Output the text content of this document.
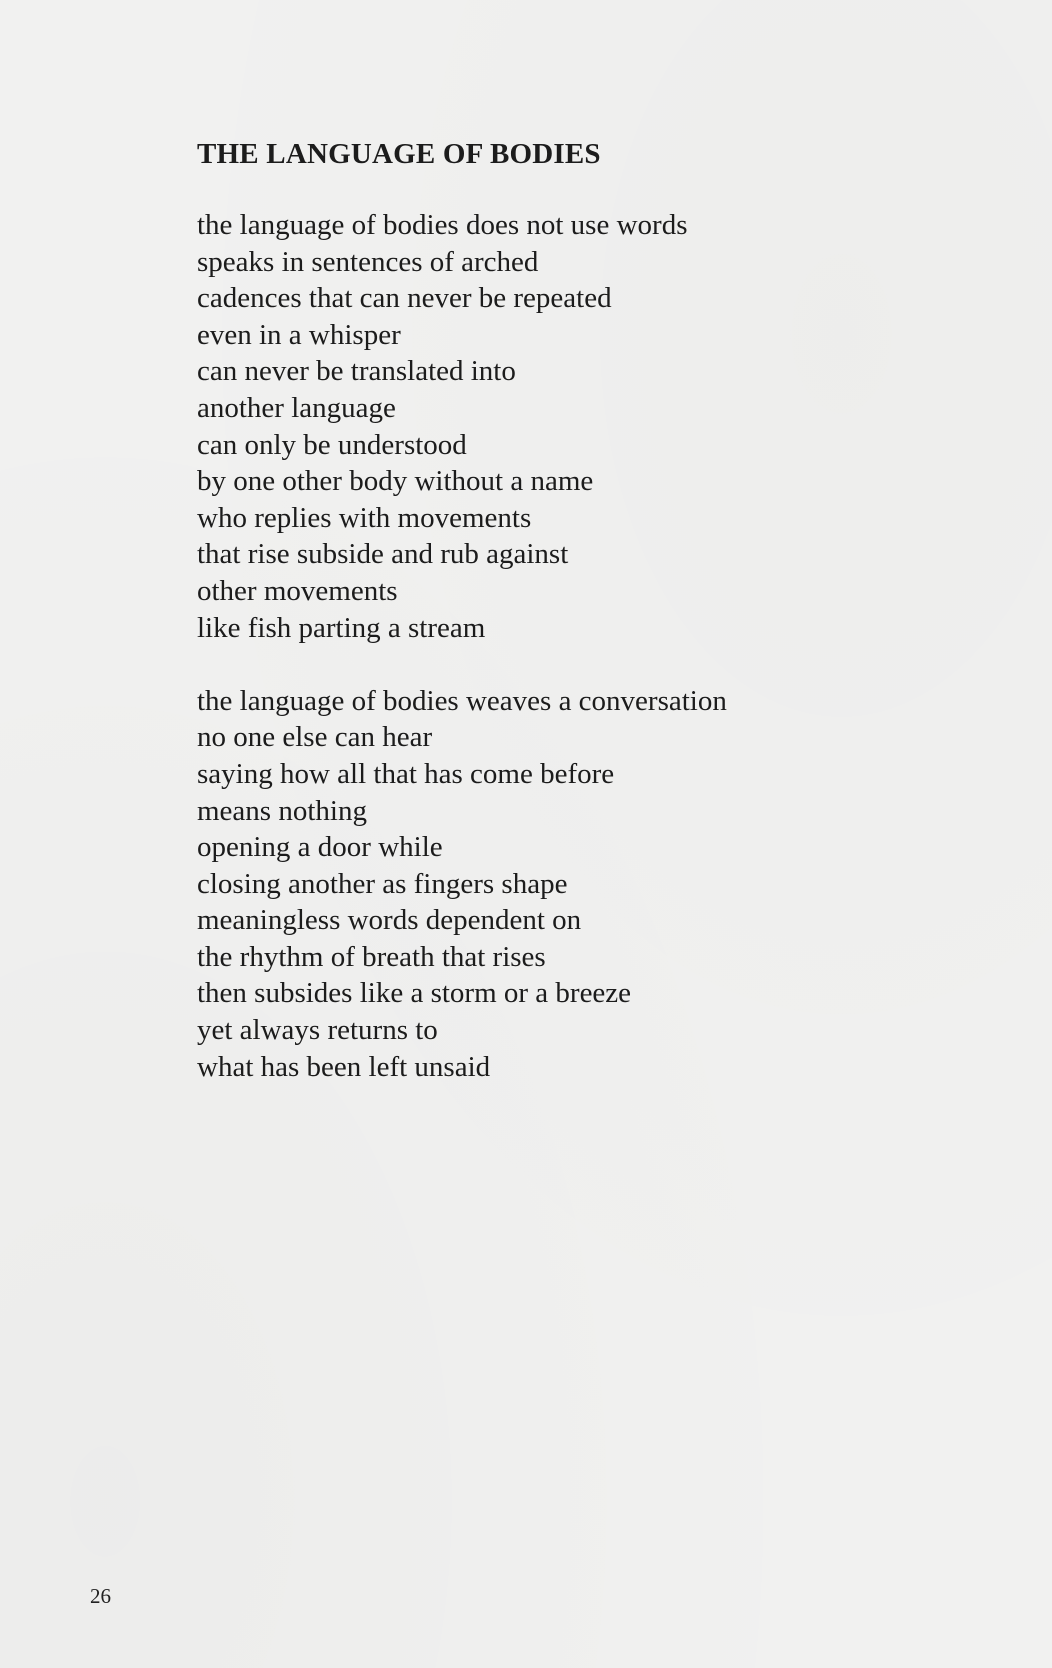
THE LANGUAGE OF BODIES
the language of bodies does not use words
speaks in sentences of arched
cadences that can never be repeated
even in a whisper
can never be translated into
another language
can only be understood
by one other body without a name
who replies with movements
that rise subside and rub against
other movements
like fish parting a stream
the language of bodies weaves a conversation
no one else can hear
saying how all that has come before
means nothing
opening a door while
closing another as fingers shape
meaningless words dependent on
the rhythm of breath that rises
then subsides like a storm or a breeze
yet always returns to
what has been left unsaid
26
